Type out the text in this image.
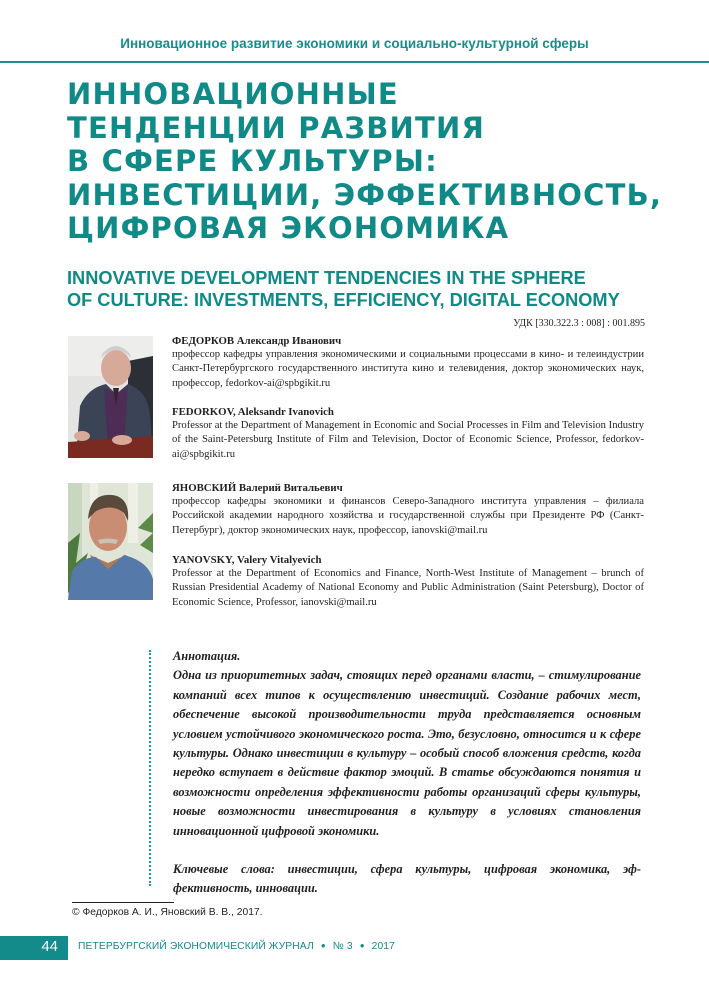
Инновационное развитие экономики и социально-культурной сферы
ИННОВАЦИОННЫЕ
ТЕНДЕНЦИИ РАЗВИТИЯ
В СФЕРЕ КУЛЬТУРЫ:
ИНВЕСТИЦИИ, ЭФФЕКТИВНОСТЬ,
ЦИФРОВАЯ ЭКОНОМИКА
INNOVATIVE DEVELOPMENT TENDENCIES IN THE SPHERE
OF CULTURE: INVESTMENTS, EFFICIENCY, DIGITAL ECONOMY
УДК [330.322.3 : 008] : 001.895

ФЕДОРКОВ Александр Иванович

профессор кафедры управления экономическими и социальными процессами в кино- и телеиндустрии Санкт-Петербургского государственного института кино и телевидения, доктор экономических наук, профессор, fedorkov-ai@spbgikit.ru

FEDORKOV, Aleksandr Ivanovich

Professor at the Department of Management in Economic and Social Processes in Film and Television Industry of the Saint-Petersburg Institute of Film and Television, Doctor of Economic Science, Professor, fedorkov-ai@spbgikit.ru

ЯНОВСКИЙ Валерий Витальевич

профессор кафедры экономики и финансов Северо-Западного института управления – филиала Российской академии народного хозяйства и государственной службы при Президенте РФ (Санкт-Петербург), доктор экономических наук, профессор, ianovski@mail.ru

YANOVSKY, Valery Vitalyevich

Professor at the Department of Economics and Finance, North-West Institute of Management – brunch of Russian Presidential Academy of National Economy and Public Administration (Saint Petersburg), Doctor of Economic Science, Professor, ianovski@mail.ru

Аннотация.

Одна из приоритетных задач, стоящих перед органами власти, – стимулирование компаний всех типов к осуществлению инвестиций. Создание рабочих мест, обеспечение высокой производительности труда представляется основным условием устойчивого экономического роста. Это, безусловно, относится и к сфере культуры. Однако инвестиции в культуру – особый способ вложения средств, когда нередко вступает в действие фактор эмоций. В статье обсуждаются понятия и возможности определения эффективности работы организаций сферы культуры, новые возможности инвестирования в культуру в условиях становления инновационной цифровой экономики.

Ключевые слова: инвестиции, сфера культуры, цифровая экономика, эффективность, инновации.

© Федорков А. И., Яновский В. В., 2017.
44 ПЕТЕРБУРГСКИЙ ЭКОНОМИЧЕСКИЙ ЖУРНАЛ ● № 3 ● 2017
